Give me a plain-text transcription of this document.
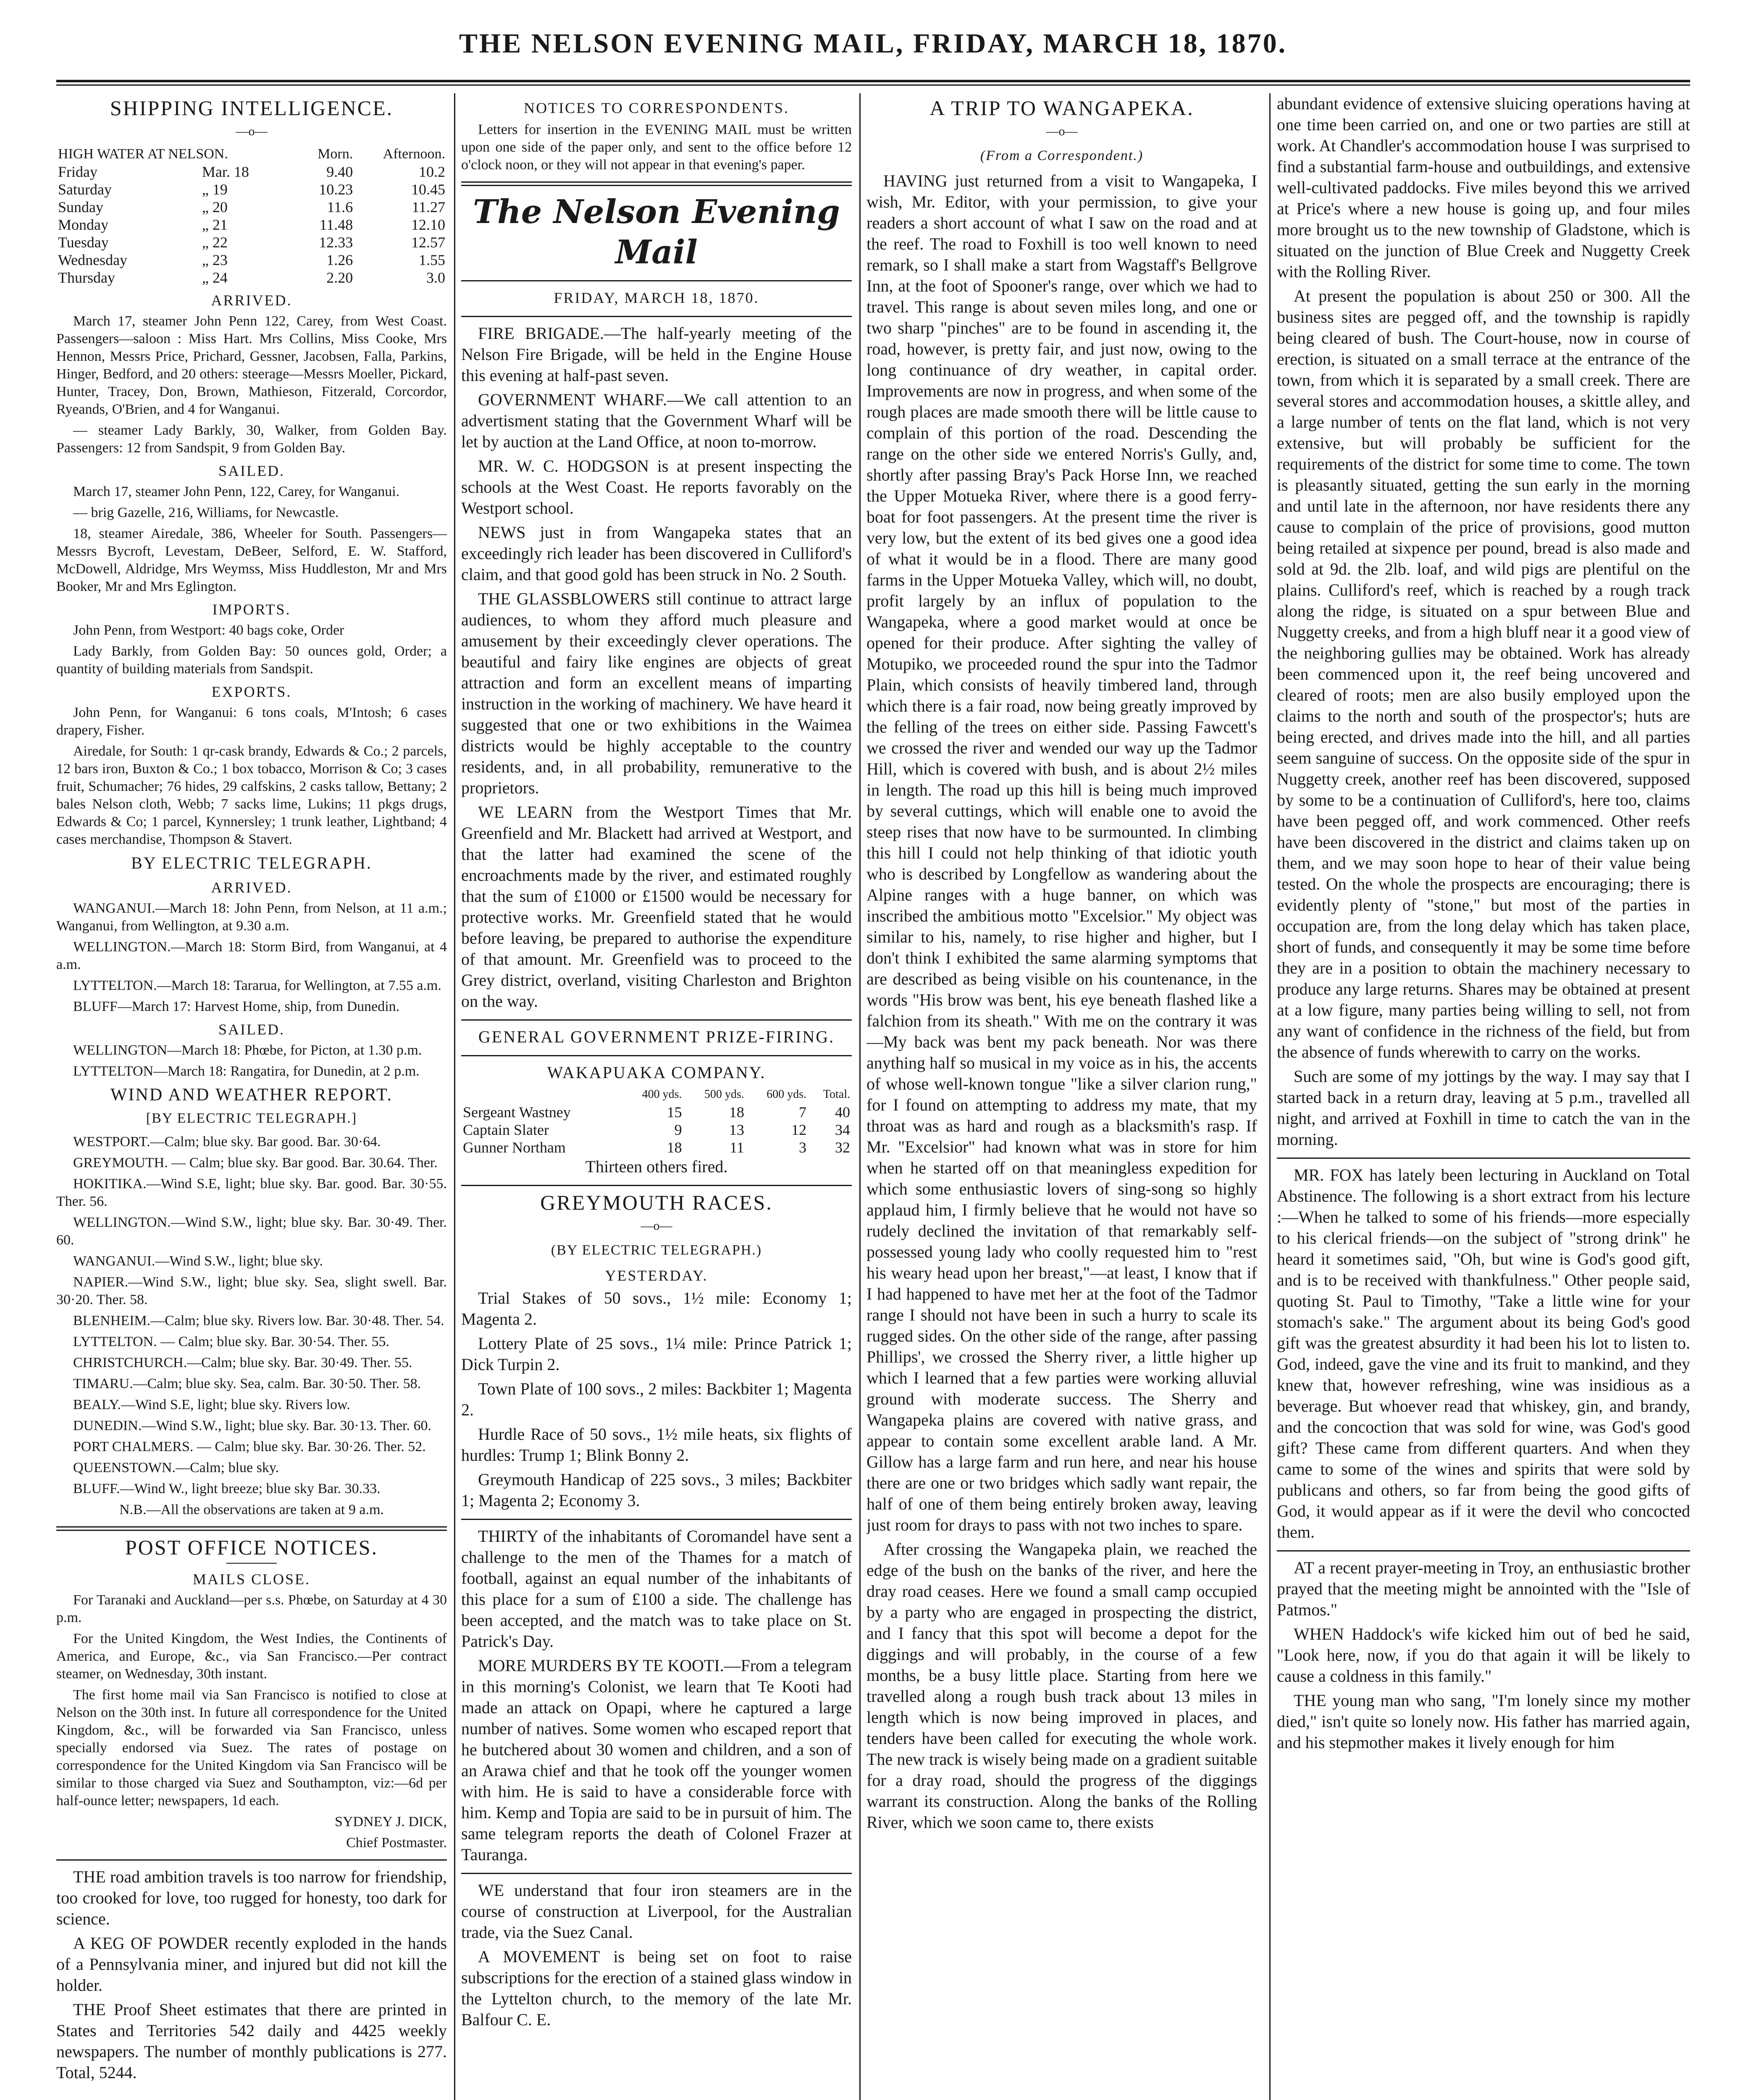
THE NELSON EVENING MAIL, FRIDAY, MARCH 18, 1870.
SHIPPING INTELLIGENCE.
—o—
HIGH WATER AT NELSON.		Morn.	Afternoon.
Friday	Mar. 18	9.40	10.2
Saturday	„ 19	10.23	10.45
Sunday	„ 20	11.6	11.27
Monday	„ 21	11.48	12.10
Tuesday	„ 22	12.33	12.57
Wednesday	„ 23	1.26	1.55
Thursday	„ 24	2.20	3.0
ARRIVED.

March 17, steamer John Penn 122, Carey, from West Coast. Passengers—saloon : Miss Hart. Mrs Collins, Miss Cooke, Mrs Hennon, Messrs Price, Prichard, Gessner, Jacobsen, Falla, Parkins, Hinger, Bedford, and 20 others: steerage—Messrs Moeller, Pickard, Hunter, Tracey, Don, Brown, Mathieson, Fitzerald, Corcordor, Ryeands, O'Brien, and 4 for Wanganui.

— steamer Lady Barkly, 30, Walker, from Golden Bay. Passengers: 12 from Sandspit, 9 from Golden Bay.

SAILED.

March 17, steamer John Penn, 122, Carey, for Wanganui.

— brig Gazelle, 216, Williams, for Newcastle.

18, steamer Airedale, 386, Wheeler for South. Passengers—Messrs Bycroft, Levestam, DeBeer, Selford, E. W. Stafford, McDowell, Aldridge, Mrs Weymss, Miss Huddleston, Mr and Mrs Booker, Mr and Mrs Eglington.

IMPORTS.

John Penn, from Westport: 40 bags coke, Order

Lady Barkly, from Golden Bay: 50 ounces gold, Order; a quantity of building materials from Sandspit.

EXPORTS.

John Penn, for Wanganui: 6 tons coals, M'Intosh; 6 cases drapery, Fisher.

Airedale, for South: 1 qr-cask brandy, Edwards & Co.; 2 parcels, 12 bars iron, Buxton & Co.; 1 box tobacco, Morrison & Co; 3 cases fruit, Schumacher; 76 hides, 29 calfskins, 2 casks tallow, Bettany; 2 bales Nelson cloth, Webb; 7 sacks lime, Lukins; 11 pkgs drugs, Edwards & Co; 1 parcel, Kynnersley; 1 trunk leather, Lightband; 4 cases merchandise, Thompson & Stavert.

BY ELECTRIC TELEGRAPH.
ARRIVED.

WANGANUI.—March 18: John Penn, from Nelson, at 11 a.m.; Wanganui, from Wellington, at 9.30 a.m.

WELLINGTON.—March 18: Storm Bird, from Wanganui, at 4 a.m.

LYTTELTON.—March 18: Tararua, for Wellington, at 7.55 a.m.

BLUFF—March 17: Harvest Home, ship, from Dunedin.

SAILED.

WELLINGTON—March 18: Phœbe, for Picton, at 1.30 p.m.

LYTTELTON—March 18: Rangatira, for Dunedin, at 2 p.m.

WIND AND WEATHER REPORT.
[BY ELECTRIC TELEGRAPH.]

WESTPORT.—Calm; blue sky. Bar good. Bar. 30·64.

GREYMOUTH. — Calm; blue sky. Bar good. Bar. 30.64. Ther.

HOKITIKA.—Wind S.E, light; blue sky. Bar. good. Bar. 30·55. Ther. 56.

WELLINGTON.—Wind S.W., light; blue sky. Bar. 30·49. Ther. 60.

WANGANUI.—Wind S.W., light; blue sky.

NAPIER.—Wind S.W., light; blue sky. Sea, slight swell. Bar. 30·20. Ther. 58.

BLENHEIM.—Calm; blue sky. Rivers low. Bar. 30·48. Ther. 54.

LYTTELTON. — Calm; blue sky. Bar. 30·54. Ther. 55.

CHRISTCHURCH.—Calm; blue sky. Bar. 30·49. Ther. 55.

TIMARU.—Calm; blue sky. Sea, calm. Bar. 30·50. Ther. 58.

BEALY.—Wind S.E, light; blue sky. Rivers low.

DUNEDIN.—Wind S.W., light; blue sky. Bar. 30·13. Ther. 60.

PORT CHALMERS. — Calm; blue sky. Bar. 30·26. Ther. 52.

QUEENSTOWN.—Calm; blue sky.

BLUFF.—Wind W., light breeze; blue sky Bar. 30.33.

N.B.—All the observations are taken at 9 a.m.

POST OFFICE NOTICES.
MAILS CLOSE.

For Taranaki and Auckland—per s.s. Phœbe, on Saturday at 4 30 p.m.

For the United Kingdom, the West Indies, the Continents of America, and Europe, &c., via San Francisco.—Per contract steamer, on Wednesday, 30th instant.

The first home mail via San Francisco is notified to close at Nelson on the 30th inst. In future all correspondence for the United Kingdom, &c., will be forwarded via San Francisco, unless specially endorsed via Suez. The rates of postage on correspondence for the United Kingdom via San Francisco will be similar to those charged via Suez and Southampton, viz:—6d per half-ounce letter; newspapers, 1d each.

SYDNEY J. DICK,

Chief Postmaster.

THE road ambition travels is too narrow for friendship, too crooked for love, too rugged for honesty, too dark for science.

A KEG OF POWDER recently exploded in the hands of a Pennsylvania miner, and injured but did not kill the holder.

THE Proof Sheet estimates that there are printed in States and Territories 542 daily and 4425 weekly newspapers. The number of monthly publications is 277. Total, 5244.

NOTICES TO CORRESPONDENTS.

Letters for insertion in the EVENING MAIL must be written upon one side of the paper only, and sent to the office before 12 o'clock noon, or they will not appear in that evening's paper.

The Nelson Evening Mail
FRIDAY, MARCH 18, 1870.

FIRE BRIGADE.—The half-yearly meeting of the Nelson Fire Brigade, will be held in the Engine House this evening at half-past seven.

GOVERNMENT WHARF.—We call attention to an advertisment stating that the Government Wharf will be let by auction at the Land Office, at noon to-morrow.

MR. W. C. HODGSON is at present inspecting the schools at the West Coast. He reports favorably on the Westport school.

NEWS just in from Wangapeka states that an exceedingly rich leader has been discovered in Culliford's claim, and that good gold has been struck in No. 2 South.

THE GLASSBLOWERS still continue to attract large audiences, to whom they afford much pleasure and amusement by their exceedingly clever operations. The beautiful and fairy like engines are objects of great attraction and form an excellent means of imparting instruction in the working of machinery. We have heard it suggested that one or two exhibitions in the Waimea districts would be highly acceptable to the country residents, and, in all probability, remunerative to the proprietors.

WE LEARN from the Westport Times that Mr. Greenfield and Mr. Blackett had arrived at Westport, and that the latter had examined the scene of the encroachments made by the river, and estimated roughly that the sum of £1000 or £1500 would be necessary for protective works. Mr. Greenfield stated that he would before leaving, be prepared to authorise the expenditure of that amount. Mr. Greenfield was to proceed to the Grey district, overland, visiting Charleston and Brighton on the way.

GENERAL GOVERNMENT PRIZE-FIRING.
WAKAPUAKA COMPANY.
	400 yds.	500 yds.	600 yds.	Total.
Sergeant Wastney	15	18	7	40
Captain Slater	9	13	12	34
Gunner Northam	18	11	3	32

Thirteen others fired.

GREYMOUTH RACES.
—o—
(BY ELECTRIC TELEGRAPH.)
YESTERDAY.

Trial Stakes of 50 sovs., 1½ mile: Economy 1; Magenta 2.

Lottery Plate of 25 sovs., 1¼ mile: Prince Patrick 1; Dick Turpin 2.

Town Plate of 100 sovs., 2 miles: Backbiter 1; Magenta 2.

Hurdle Race of 50 sovs., 1½ mile heats, six flights of hurdles: Trump 1; Blink Bonny 2.

Greymouth Handicap of 225 sovs., 3 miles; Backbiter 1; Magenta 2; Economy 3.

THIRTY of the inhabitants of Coromandel have sent a challenge to the men of the Thames for a match of football, against an equal number of the inhabitants of this place for a sum of £100 a side. The challenge has been accepted, and the match was to take place on St. Patrick's Day.

MORE MURDERS BY TE KOOTI.—From a telegram in this morning's Colonist, we learn that Te Kooti had made an attack on Opapi, where he captured a large number of natives. Some women who escaped report that he butchered about 30 women and children, and a son of an Arawa chief and that he took off the younger women with him. He is said to have a considerable force with him. Kemp and Topia are said to be in pursuit of him. The same telegram reports the death of Colonel Frazer at Tauranga.

WE understand that four iron steamers are in the course of construction at Liverpool, for the Australian trade, via the Suez Canal.

A MOVEMENT is being set on foot to raise subscriptions for the erection of a stained glass window in the Lyttelton church, to the memory of the late Mr. Balfour C. E.

A TRIP TO WANGAPEKA.
—o—
(From a Correspondent.)

HAVING just returned from a visit to Wangapeka, I wish, Mr. Editor, with your permission, to give your readers a short account of what I saw on the road and at the reef. The road to Foxhill is too well known to need remark, so I shall make a start from Wagstaff's Bellgrove Inn, at the foot of Spooner's range, over which we had to travel. This range is about seven miles long, and one or two sharp "pinches" are to be found in ascending it, the road, however, is pretty fair, and just now, owing to the long continuance of dry weather, in capital order. Improvements are now in progress, and when some of the rough places are made smooth there will be little cause to complain of this portion of the road. Descending the range on the other side we entered Norris's Gully, and, shortly after passing Bray's Pack Horse Inn, we reached the Upper Motueka River, where there is a good ferry-boat for foot passengers. At the present time the river is very low, but the extent of its bed gives one a good idea of what it would be in a flood. There are many good farms in the Upper Motueka Valley, which will, no doubt, profit largely by an influx of population to the Wangapeka, where a good market would at once be opened for their produce. After sighting the valley of Motupiko, we proceeded round the spur into the Tadmor Plain, which consists of heavily timbered land, through which there is a fair road, now being greatly improved by the felling of the trees on either side. Passing Fawcett's we crossed the river and wended our way up the Tadmor Hill, which is covered with bush, and is about 2½ miles in length. The road up this hill is being much improved by several cuttings, which will enable one to avoid the steep rises that now have to be surmounted. In climbing this hill I could not help thinking of that idiotic youth who is described by Longfellow as wandering about the Alpine ranges with a huge banner, on which was inscribed the ambitious motto "Excelsior." My object was similar to his, namely, to rise higher and higher, but I don't think I exhibited the same alarming symptoms that are described as being visible on his countenance, in the words "His brow was bent, his eye beneath flashed like a falchion from its sheath." With me on the contrary it was—My back was bent my pack beneath. Nor was there anything half so musical in my voice as in his, the accents of whose well-known tongue "like a silver clarion rung," for I found on attempting to address my mate, that my throat was as hard and rough as a blacksmith's rasp. If Mr. "Excelsior" had known what was in store for him when he started off on that meaningless expedition for which some enthusiastic lovers of sing-song so highly applaud him, I firmly believe that he would not have so rudely declined the invitation of that remarkably self-possessed young lady who coolly requested him to "rest his weary head upon her breast,"—at least, I know that if I had happened to have met her at the foot of the Tadmor range I should not have been in such a hurry to scale its rugged sides. On the other side of the range, after passing Phillips', we crossed the Sherry river, a little higher up which I learned that a few parties were working alluvial ground with moderate success. The Sherry and Wangapeka plains are covered with native grass, and appear to contain some excellent arable land. A Mr. Gillow has a large farm and run here, and near his house there are one or two bridges which sadly want repair, the half of one of them being entirely broken away, leaving just room for drays to pass with not two inches to spare.

After crossing the Wangapeka plain, we reached the edge of the bush on the banks of the river, and here the dray road ceases. Here we found a small camp occupied by a party who are engaged in prospecting the district, and I fancy that this spot will become a depot for the diggings and will probably, in the course of a few months, be a busy little place. Starting from here we travelled along a rough bush track about 13 miles in length which is now being improved in places, and tenders have been called for executing the whole work. The new track is wisely being made on a gradient suitable for a dray road, should the progress of the diggings warrant its construction. Along the banks of the Rolling River, which we soon came to, there exists

abundant evidence of extensive sluicing operations having at one time been carried on, and one or two parties are still at work. At Chandler's accommodation house I was surprised to find a substantial farm-house and outbuildings, and extensive well-cultivated paddocks. Five miles beyond this we arrived at Price's where a new house is going up, and four miles more brought us to the new township of Gladstone, which is situated on the junction of Blue Creek and Nuggetty Creek with the Rolling River.

At present the population is about 250 or 300. All the business sites are pegged off, and the township is rapidly being cleared of bush. The Court-house, now in course of erection, is situated on a small terrace at the entrance of the town, from which it is separated by a small creek. There are several stores and accommodation houses, a skittle alley, and a large number of tents on the flat land, which is not very extensive, but will probably be sufficient for the requirements of the district for some time to come. The town is pleasantly situated, getting the sun early in the morning and until late in the afternoon, nor have residents there any cause to complain of the price of provisions, good mutton being retailed at sixpence per pound, bread is also made and sold at 9d. the 2lb. loaf, and wild pigs are plentiful on the plains. Culliford's reef, which is reached by a rough track along the ridge, is situated on a spur between Blue and Nuggetty creeks, and from a high bluff near it a good view of the neighboring gullies may be obtained. Work has already been commenced upon it, the reef being uncovered and cleared of roots; men are also busily employed upon the claims to the north and south of the prospector's; huts are being erected, and drives made into the hill, and all parties seem sanguine of success. On the opposite side of the spur in Nuggetty creek, another reef has been discovered, supposed by some to be a continuation of Culliford's, here too, claims have been pegged off, and work commenced. Other reefs have been discovered in the district and claims taken up on them, and we may soon hope to hear of their value being tested. On the whole the prospects are encouraging; there is evidently plenty of "stone," but most of the parties in occupation are, from the long delay which has taken place, short of funds, and consequently it may be some time before they are in a position to obtain the machinery necessary to produce any large returns. Shares may be obtained at present at a low figure, many parties being willing to sell, not from any want of confidence in the richness of the field, but from the absence of funds wherewith to carry on the works.

Such are some of my jottings by the way. I may say that I started back in a return dray, leaving at 5 p.m., travelled all night, and arrived at Foxhill in time to catch the van in the morning.

MR. FOX has lately been lecturing in Auckland on Total Abstinence. The following is a short extract from his lecture :—When he talked to some of his friends—more especially to his clerical friends—on the subject of "strong drink" he heard it sometimes said, "Oh, but wine is God's good gift, and is to be received with thankfulness." Other people said, quoting St. Paul to Timothy, "Take a little wine for your stomach's sake." The argument about its being God's good gift was the greatest absurdity it had been his lot to listen to. God, indeed, gave the vine and its fruit to mankind, and they knew that, however refreshing, wine was insidious as a beverage. But whoever read that whiskey, gin, and brandy, and the concoction that was sold for wine, was God's good gift? These came from different quarters. And when they came to some of the wines and spirits that were sold by publicans and others, so far from being the good gifts of God, it would appear as if it were the devil who concocted them.

AT a recent prayer-meeting in Troy, an enthusiastic brother prayed that the meeting might be annointed with the "Isle of Patmos."

WHEN Haddock's wife kicked him out of bed he said, "Look here, now, if you do that again it will be likely to cause a coldness in this family."

THE young man who sang, "I'm lonely since my mother died," isn't quite so lonely now. His father has married again, and his stepmother makes it lively enough for him
